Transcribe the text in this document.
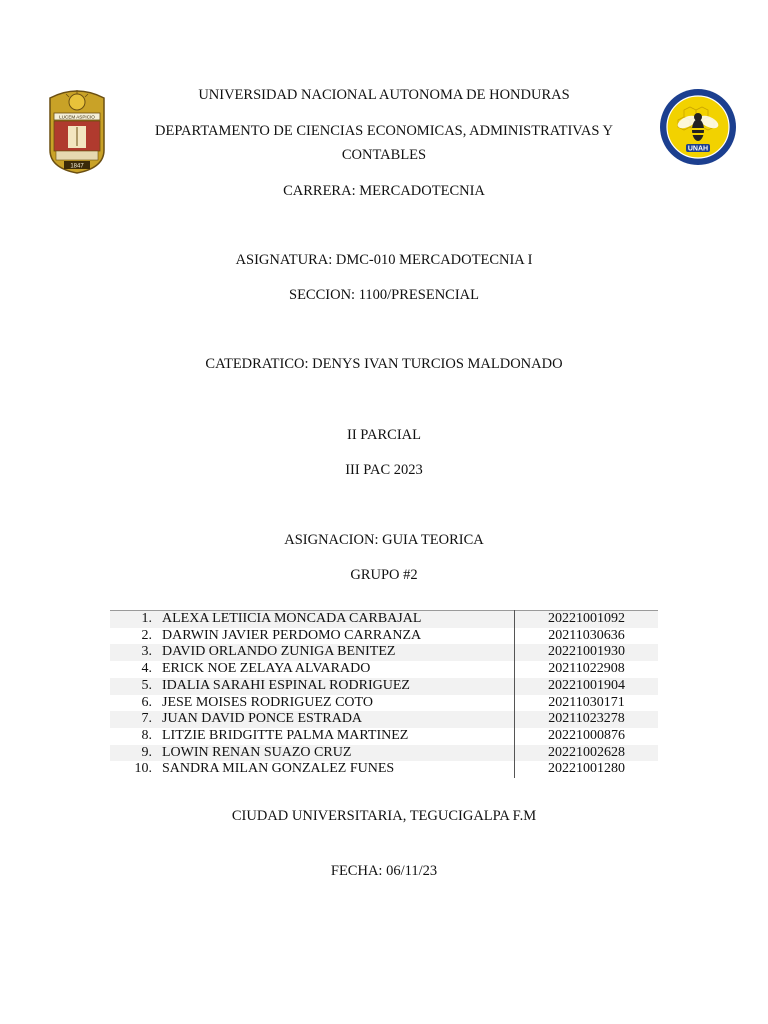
LUCEM ASPICIO
1847
UNAH
UNIVERSIDAD NACIONAL AUTONOMA DE HONDURAS
DEPARTAMENTO DE CIENCIAS ECONOMICAS, ADMINISTRATIVAS Y
CONTABLES
CARRERA: MERCADOTECNIA
ASIGNATURA: DMC-010 MERCADOTECNIA I
SECCION: 1100/PRESENCIAL
CATEDRATICO: DENYS IVAN TURCIOS MALDONADO
II PARCIAL
III PAC 2023
ASIGNACION: GUIA TEORICA
GRUPO #2
1.	ALEXA LETIICIA MONCADA CARBAJAL	20221001092
2.	DARWIN JAVIER PERDOMO CARRANZA	20211030636
3.	DAVID ORLANDO ZUNIGA BENITEZ	20221001930
4.	ERICK NOE ZELAYA ALVARADO	20211022908
5.	IDALIA SARAHI ESPINAL RODRIGUEZ	20221001904
6.	JESE MOISES RODRIGUEZ COTO	20211030171
7.	JUAN DAVID PONCE ESTRADA	20211023278
8.	LITZIE BRIDGITTE PALMA MARTINEZ	20221000876
9.	LOWIN RENAN SUAZO CRUZ	20221002628
10.	SANDRA MILAN GONZALEZ FUNES	20221001280
CIUDAD UNIVERSITARIA, TEGUCIGALPA F.M
FECHA: 06/11/23
